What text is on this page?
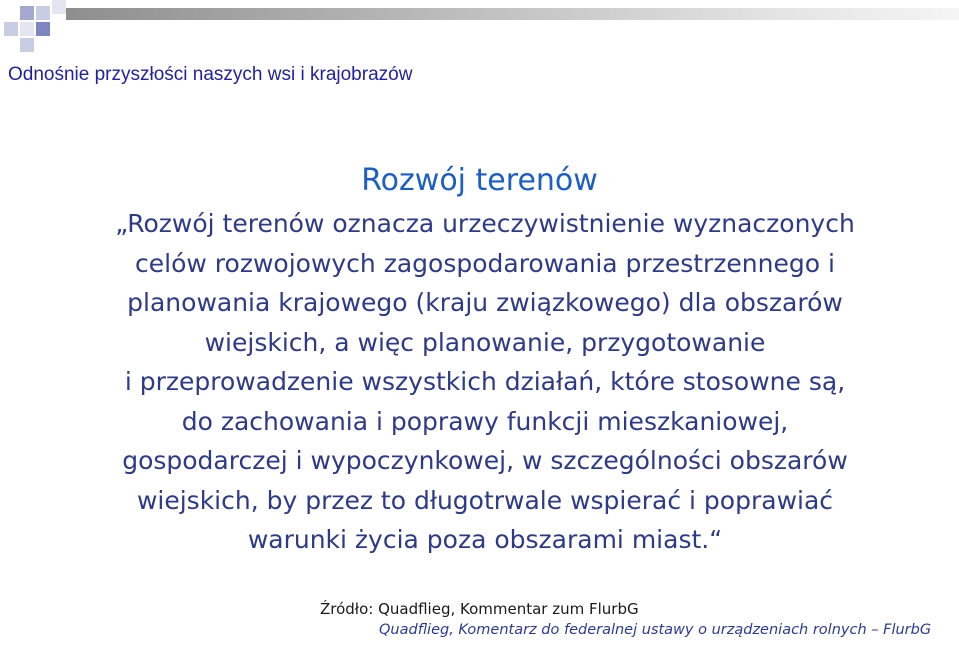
Odnośnie przyszłości naszych wsi i krajobrazów
Rozwój terenów

„Rozwój terenów oznacza urzeczywistnienie wyznaczonych
celów rozwojowych zagospodarowania przestrzennego i
planowania krajowego (kraju związkowego) dla obszarów
wiejskich, a więc planowanie, przygotowanie
i przeprowadzenie wszystkich działań, które stosowne są,
do zachowania i poprawy funkcji mieszkaniowej,
gospodarczej i wypoczynkowej, w szczególności obszarów
wiejskich, by przez to długotrwale wspierać i poprawiać
warunki życia poza obszarami miast.“

Źródło: Quadflieg, Kommentar zum FlurbG
Quadflieg, Komentarz do federalnej ustawy o urządzeniach rolnych – FlurbG
